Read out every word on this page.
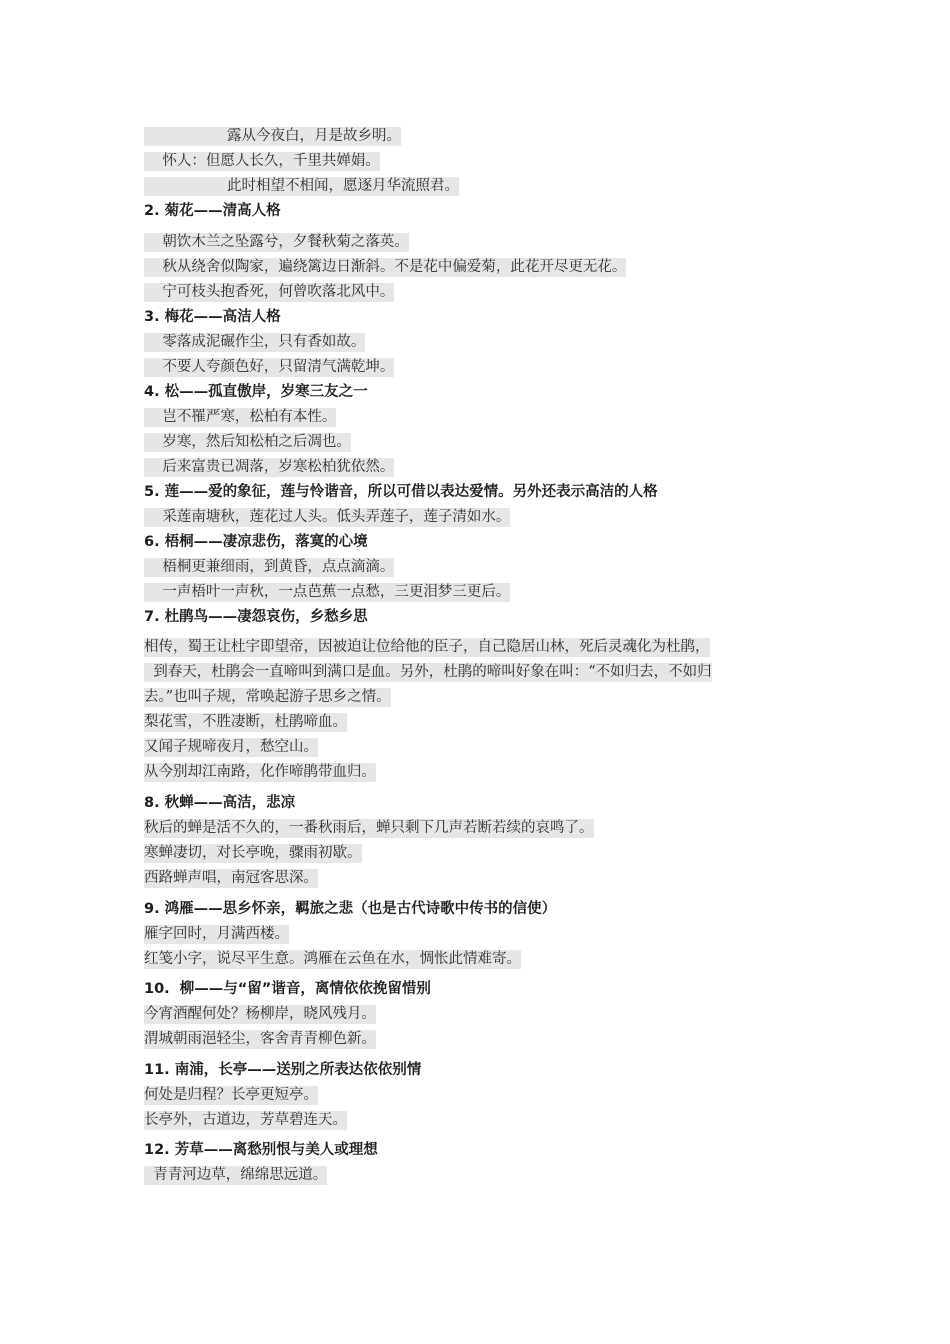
露从今夜白，月是故乡明。
怀人：但愿人长久，千里共婵娟。
此时相望不相闻，愿逐月华流照君。
2. 菊花——清高人格
朝饮木兰之坠露兮，夕餐秋菊之落英。
秋从绕舍似陶家，遍绕篱边日渐斜。不是花中偏爱菊，此花开尽更无花。
宁可枝头抱香死，何曾吹落北风中。
3. 梅花——高洁人格
零落成泥碾作尘，只有香如故。
不要人夸颜色好，只留清气满乾坤。
4. 松——孤直傲岸，岁寒三友之一
岂不罹严寒，松柏有本性。
岁寒，然后知松柏之后凋也。
后来富贵已凋落，岁寒松柏犹依然。
5. 莲——爱的象征，莲与怜谐音，所以可借以表达爱情。另外还表示高洁的人格
采莲南塘秋，莲花过人头。低头弄莲子，莲子清如水。
6. 梧桐——凄凉悲伤，落寞的心境
梧桐更兼细雨，到黄昏，点点滴滴。
一声梧叶一声秋，一点芭蕉一点愁，三更泪梦三更后。
7. 杜鹃鸟——凄怨哀伤，乡愁乡思
相传，蜀王让杜宇即望帝，因被迫让位给他的臣子，自己隐居山林，死后灵魂化为杜鹃，
到春天，杜鹃会一直啼叫到满口是血。另外，杜鹃的啼叫好象在叫：“不如归去，不如归
去。”也叫子规，常唤起游子思乡之情。
梨花雪，不胜凄断，杜鹃啼血。
又闻子规啼夜月，愁空山。
从今别却江南路，化作啼鹃带血归。
8. 秋蝉——高洁，悲凉
秋后的蝉是活不久的，一番秋雨后，蝉只剩下几声若断若续的哀鸣了。
寒蝉凄切，对长亭晚，骤雨初歇。
西路蝉声唱，南冠客思深。
9. 鸿雁——思乡怀亲，羁旅之悲（也是古代诗歌中传书的信使）
雁字回时，月满西楼。
红笺小字，说尽平生意。鸿雁在云鱼在水，惆怅此情难寄。
10.  柳——与“留”谐音，离情依依挽留惜别
今宵酒醒何处？杨柳岸，晓风残月。
渭城朝雨浥轻尘，客舍青青柳色新。
11. 南浦，长亭——送别之所表达依依别情
何处是归程？长亭更短亭。
长亭外，古道边，芳草碧连天。
12. 芳草——离愁别恨与美人或理想
青青河边草，绵绵思远道。
